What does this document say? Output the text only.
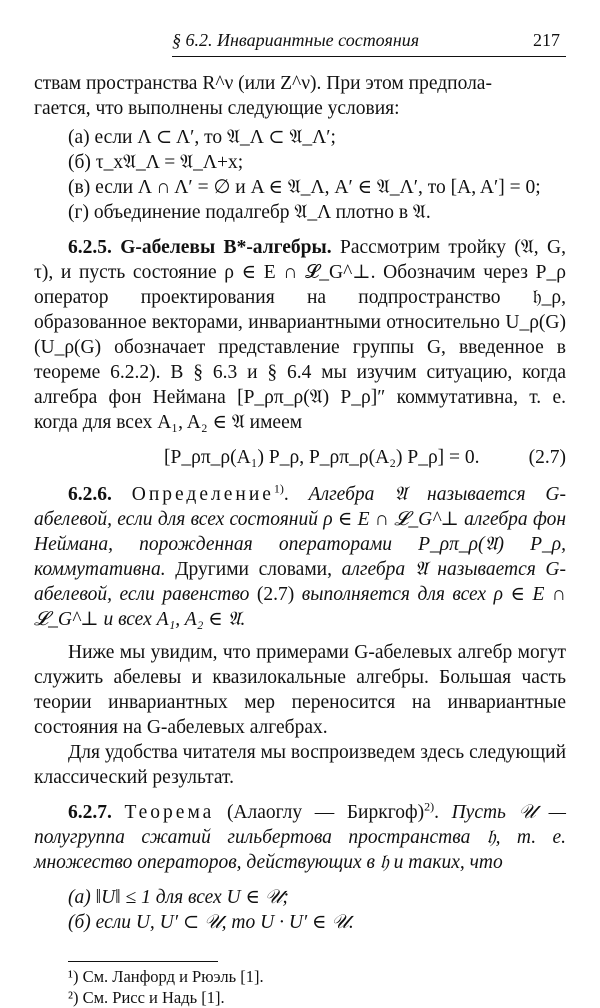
§ 6.2. Инвариантные состояния	217

ствам пространства R^ν (или Z^ν). При этом предпола-
гается, что выполнены следующие условия:

(а) если Λ ⊂ Λ′, то 𝔄_Λ ⊂ 𝔄_Λ′;
(б) τ_x𝔄_Λ = 𝔄_Λ+x;
(в) если Λ ∩ Λ′ = ∅ и A ∈ 𝔄_Λ, A′ ∈ 𝔄_Λ′, то [A, A′] = 0;
(г) объединение подалгебр 𝔄_Λ плотно в 𝔄.

6.2.5. G-абелевы B*-алгебры. Рассмотрим тройку (𝔄, G, τ), и пусть состояние ρ ∈ E ∩ 𝓛_G^⊥. Обозначим через P_ρ оператор проектирования на подпространство 𝔥_ρ, образованное векторами, инвариантными относительно U_ρ(G) (U_ρ(G) обозначает представление группы G, введенное в теореме 6.2.2). В § 6.3 и § 6.4 мы изучим ситуацию, когда алгебра фон Неймана [P_ρπ_ρ(𝔄) P_ρ]″ коммутативна, т. е. когда для всех A₁, A₂ ∈ 𝔄 имеем

[P_ρπ_ρ(A₁) P_ρ, P_ρπ_ρ(A₂) P_ρ] = 0.	(2.7)

6.2.6. Определение$^{1)}$. Алгебра 𝔄 называется G-абелевой, если для всех состояний ρ ∈ E ∩ 𝓛_G^⊥ алгебра фон Неймана, порожденная операторами P_ρπ_ρ(𝔄) P_ρ, коммутативна. Другими словами, алгебра 𝔄 называется G-абелевой, если равенство (2.7) выполняется для всех ρ ∈ E ∩ 𝓛_G^⊥ и всех A₁, A₂ ∈ 𝔄.

Ниже мы увидим, что примерами G-абелевых алгебр могут служить абелевы и квазилокальные алгебры. Большая часть теории инвариантных мер переносится на инвариантные состояния на G-абелевых алгебрах.

Для удобства читателя мы воспроизведем здесь следующий классический результат.

6.2.7. Теорема (Алаоглу — Биркгоф)$^{2)}$. Пусть 𝒰 — полугруппа сжатий гильбертова пространства 𝔥, т. е. множество операторов, действующих в 𝔥 и таких, что

(а) ‖U‖ ≤ 1 для всех U ∈ 𝒰;
(б) если U, U′ ⊂ 𝒰, то U · U′ ∈ 𝒰.
¹) См. Ланфорд и Рюэль [1].
²) См. Рисс и Надь [1].
